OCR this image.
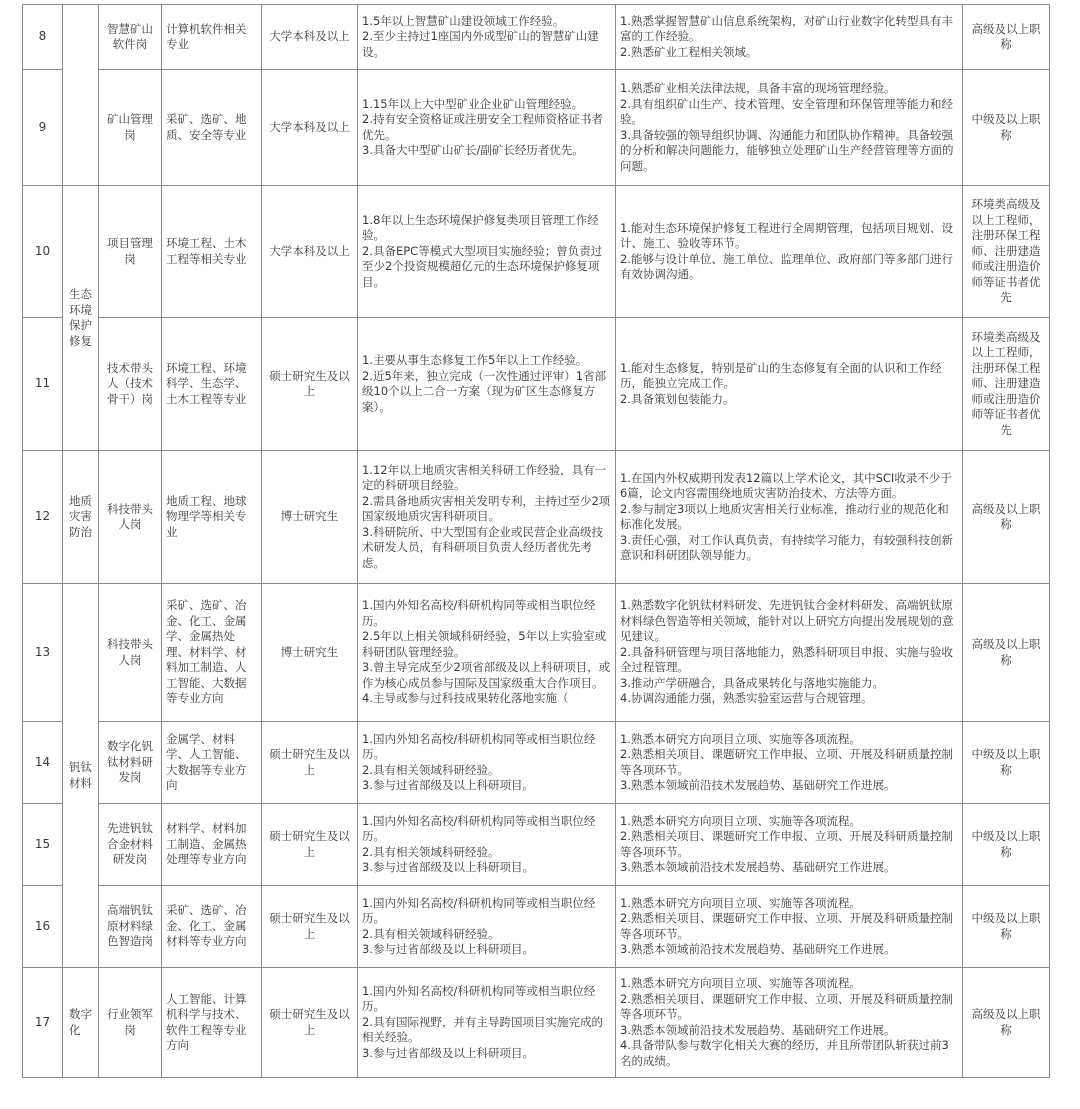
8		智慧矿山软件岗	计算机软件相关专业	大学本科及以上	1.5年以上智慧矿山建设领域工作经验。
2.至少主持过1座国内外成型矿山的智慧矿山建设。	1.熟悉掌握智慧矿山信息系统架构，对矿山行业数字化转型具有丰富的工作经验。
2.熟悉矿业工程相关领域。	高级及以上职称
9		矿山管理岗	采矿、选矿、地质、安全等专业	大学本科及以上	1.15年以上大中型矿业企业矿山管理经验。
2.持有安全资格证或注册安全工程师资格证书者优先。
3.具备大中型矿山矿长/副矿长经历者优先。	1.熟悉矿业相关法律法规，具备丰富的现场管理经验。
2.具有组织矿山生产、技术管理、安全管理和环保管理等能力和经验。
3.具备较强的领导组织协调、沟通能力和团队协作精神。具备较强的分析和解决问题能力，能够独立处理矿山生产经营管理等方面的问题。	中级及以上职称
10	生态环境保护修复	项目管理岗	环境工程、土木工程等相关专业	大学本科及以上	1.8年以上生态环境保护修复类项目管理工作经验。
2.具备EPC等模式大型项目实施经验；曾负责过至少2个投资规模超亿元的生态环境保护修复项目。	1.能对生态环境保护修复工程进行全周期管理，包括项目规划、设计、施工、验收等环节。
2.能够与设计单位、施工单位、监理单位、政府部门等多部门进行有效协调沟通。	环境类高级及以上工程师，注册环保工程师、注册建造师或注册造价师等证书者优先
11		技术带头人（技术骨干）岗	环境工程、环境科学、生态学、土木工程等专业	硕士研究生及以上	1.主要从事生态修复工作5年以上工作经验。
2.近5年来，独立完成（一次性通过评审）1省部级10个以上二合一方案（现为矿区生态修复方案）。	1.能对生态修复，特别是矿山的生态修复有全面的认识和工作经历，能独立完成工作。
2.具备策划包装能力。	环境类高级及以上工程师，注册环保工程师、注册建造师或注册造价师等证书者优先
12	地质灾害防治	科技带头人岗	地质工程、地球物理学等相关专业	博士研究生	1.12年以上地质灾害相关科研工作经验，具有一定的科研项目经验。
2.需具备地质灾害相关发明专利，主持过至少2项国家级地质灾害科研项目。
3.科研院所、中大型国有企业或民营企业高级技术研发人员，有科研项目负责人经历者优先考虑。	1.在国内外权威期刊发表12篇以上学术论文，其中SCI收录不少于6篇，论文内容需围绕地质灾害防治技术、方法等方面。
2.参与制定3项以上地质灾害相关行业标准，推动行业的规范化和标准化发展。
3.责任心强，对工作认真负责，有持续学习能力，有较强科技创新意识和科研团队领导能力。	高级及以上职称
13	钒钛材料	科技带头人岗	采矿、选矿、冶金、化工、金属学、金属热处理、材料学、材料加工制造、人工智能、大数据等专业方向	博士研究生	1.国内外知名高校/科研机构同等或相当职位经历。
2.5年以上相关领域科研经验，5年以上实验室或科研团队管理经验。
3.曾主导完成至少2项省部级及以上科研项目，或作为核心成员参与国际及国家级重大合作项目。
4.主导或参与过科技成果转化落地实施（	1.熟悉数字化钒钛材料研发、先进钒钛合金材料研发、高端钒钛原材料绿色智造等相关领域，能针对以上研究方向提出发展规划的意见建议。
2.具备科研管理与项目落地能力，熟悉科研项目申报、实施与验收全过程管理。
3.推动产学研融合，具备成果转化与落地实施能力。
4.协调沟通能力强，熟悉实验室运营与合规管理。	高级及以上职称
14		数字化钒钛材料研发岗	金属学、材料学、人工智能、大数据等专业方向	硕士研究生及以上	1.国内外知名高校/科研机构同等或相当职位经历。
2.具有相关领域科研经验。
3.参与过省部级及以上科研项目。	1.熟悉本研究方向项目立项、实施等各项流程。
2.熟悉相关项目、课题研究工作申报、立项、开展及科研质量控制等各项环节。
3.熟悉本领域前沿技术发展趋势、基础研究工作进展。	中级及以上职称
15		先进钒钛合金材料研发岗	材料学、材料加工制造、金属热处理等专业方向	硕士研究生及以上	1.国内外知名高校/科研机构同等或相当职位经历。
2.具有相关领域科研经验。
3.参与过省部级及以上科研项目。	1.熟悉本研究方向项目立项、实施等各项流程。
2.熟悉相关项目、课题研究工作申报、立项、开展及科研质量控制等各项环节。
3.熟悉本领域前沿技术发展趋势、基础研究工作进展。	中级及以上职称
16		高端钒钛原材料绿色智造岗	采矿、选矿、冶金、化工、金属材料等专业方向	硕士研究生及以上	1.国内外知名高校/科研机构同等或相当职位经历。
2.具有相关领域科研经验。
3.参与过省部级及以上科研项目。	1.熟悉本研究方向项目立项、实施等各项流程。
2.熟悉相关项目、课题研究工作申报、立项、开展及科研质量控制等各项环节。
3.熟悉本领域前沿技术发展趋势、基础研究工作进展。	中级及以上职称
17	数字化	行业领军岗	人工智能、计算机科学与技术、软件工程等专业方向	硕士研究生及以上	1.国内外知名高校/科研机构同等或相当职位经历。
2.具有国际视野，并有主导跨国项目实施完成的相关经验。
3.参与过省部级及以上科研项目。	1.熟悉本研究方向项目立项、实施等各项流程。
2.熟悉相关项目、课题研究工作申报、立项、开展及科研质量控制等各项环节。
3.熟悉本领域前沿技术发展趋势、基础研究工作进展。
4.具备带队参与数字化相关大赛的经历，并且所带团队斩获过前3名的成绩。	高级及以上职称
